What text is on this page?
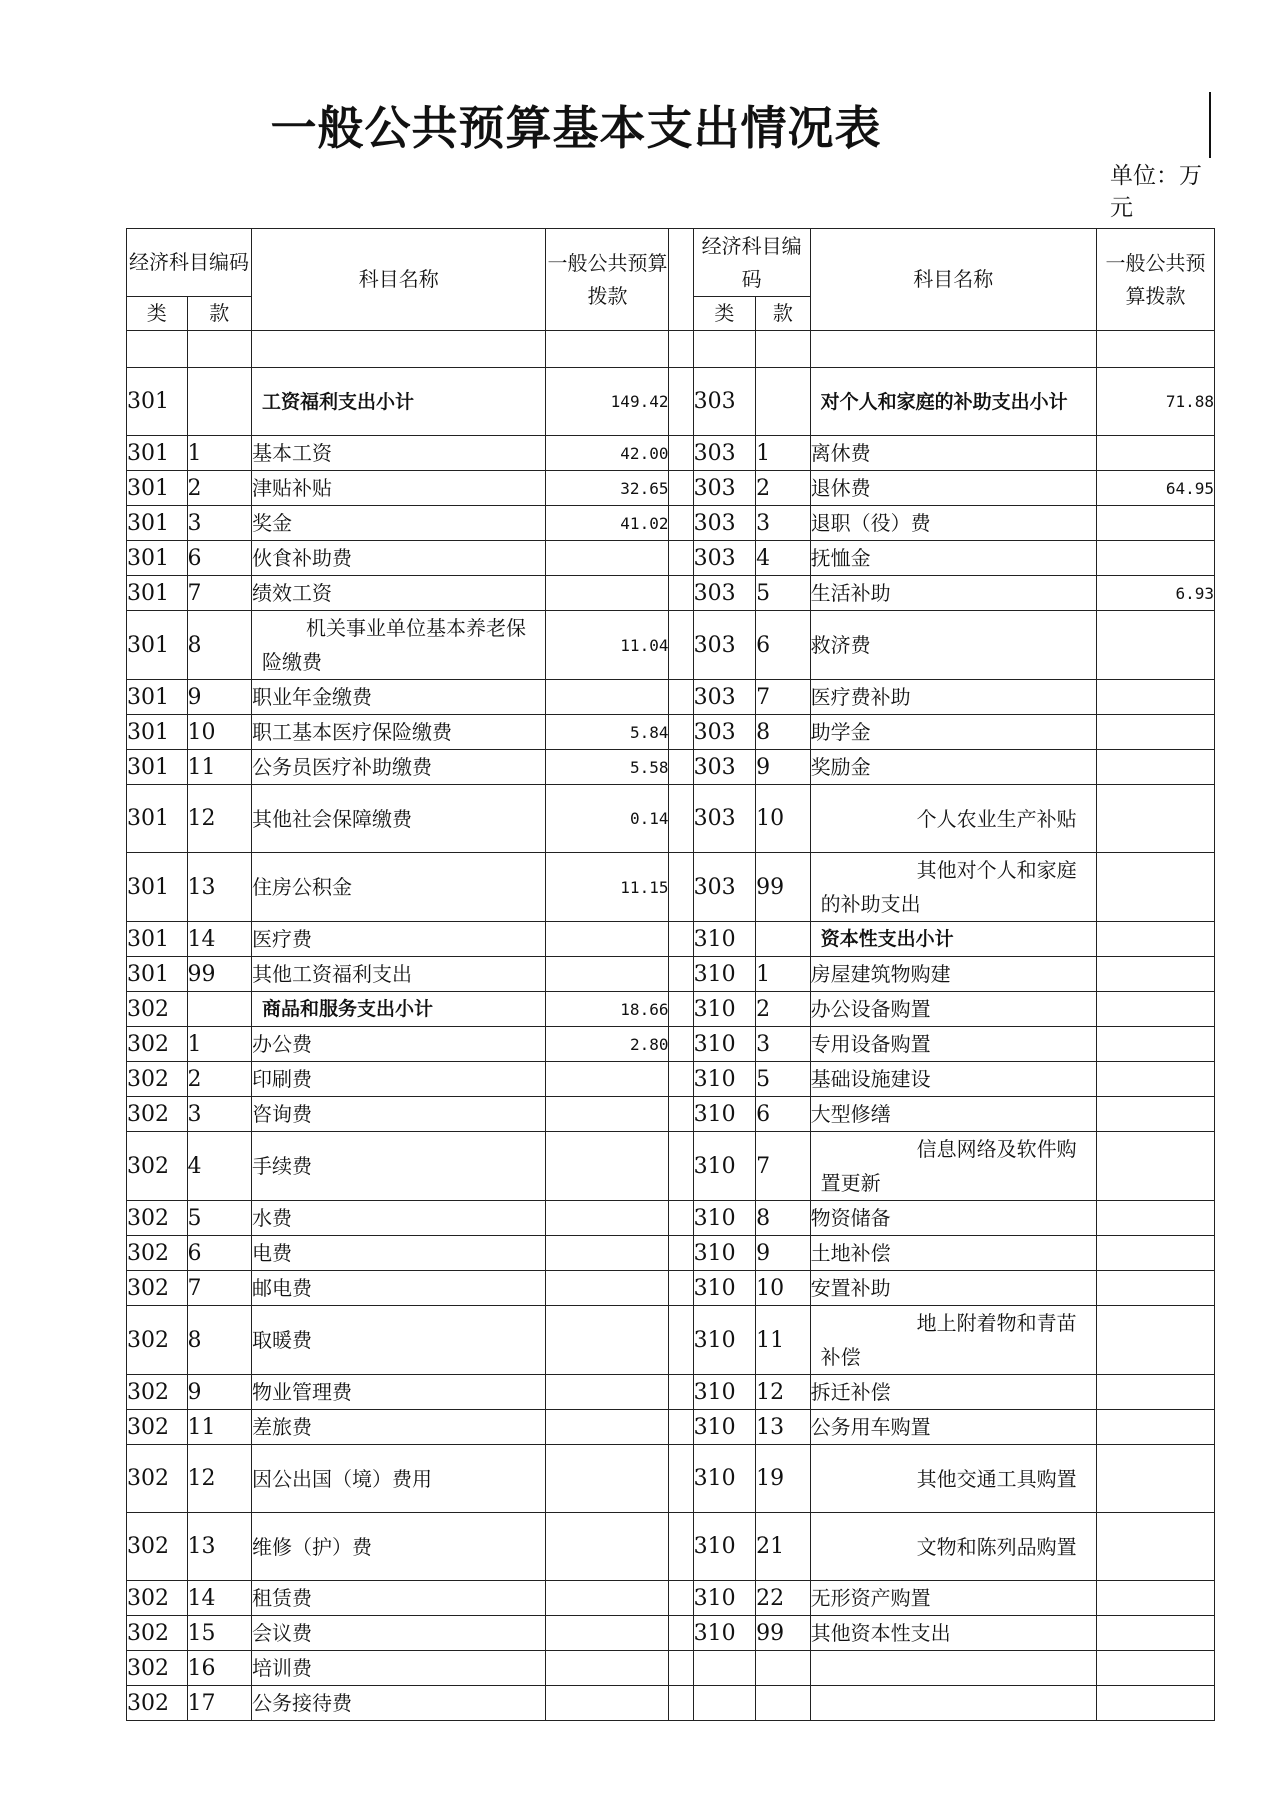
一般公共预算基本支出情况表
单位：万元
经济科目编码		科目名称	一般公共预算拨款		经济科目编码		科目名称	一般公共预算拨款
类	款				类	款		

301		工资福利支出小计	149.42		303		对个人和家庭的补助支出小计	71.88
301	1	基本工资	42.00		303	1	离休费	
301	2	津贴补贴	32.65		303	2	退休费	64.95
301	3	奖金	41.02		303	3	退职（役）费	
301	6	伙食补助费			303	4	抚恤金	
301	7	绩效工资			303	5	生活补助	6.93
301	8	机关事业单位基本养老保险缴费	11.04		303	6	救济费	
301	9	职业年金缴费			303	7	医疗费补助	
301	10	职工基本医疗保险缴费	5.84		303	8	助学金	
301	11	公务员医疗补助缴费	5.58		303	9	奖励金	
301	12	其他社会保障缴费	0.14		303	10	个人农业生产补贴	
301	13	住房公积金	11.15		303	99	其他对个人和家庭的补助支出	
301	14	医疗费			310		资本性支出小计	
301	99	其他工资福利支出			310	1	房屋建筑物购建	
302		商品和服务支出小计	18.66		310	2	办公设备购置	
302	1	办公费	2.80		310	3	专用设备购置	
302	2	印刷费			310	5	基础设施建设	
302	3	咨询费			310	6	大型修缮	
302	4	手续费			310	7	信息网络及软件购置更新	
302	5	水费			310	8	物资储备	
302	6	电费			310	9	土地补偿	
302	7	邮电费			310	10	安置补助	
302	8	取暖费			310	11	地上附着物和青苗补偿	
302	9	物业管理费			310	12	拆迁补偿	
302	11	差旅费			310	13	公务用车购置	
302	12	因公出国（境）费用			310	19	其他交通工具购置	
302	13	维修（护）费			310	21	文物和陈列品购置	
302	14	租赁费			310	22	无形资产购置	
302	15	会议费			310	99	其他资本性支出	
302	16	培训费						
302	17	公务接待费						
